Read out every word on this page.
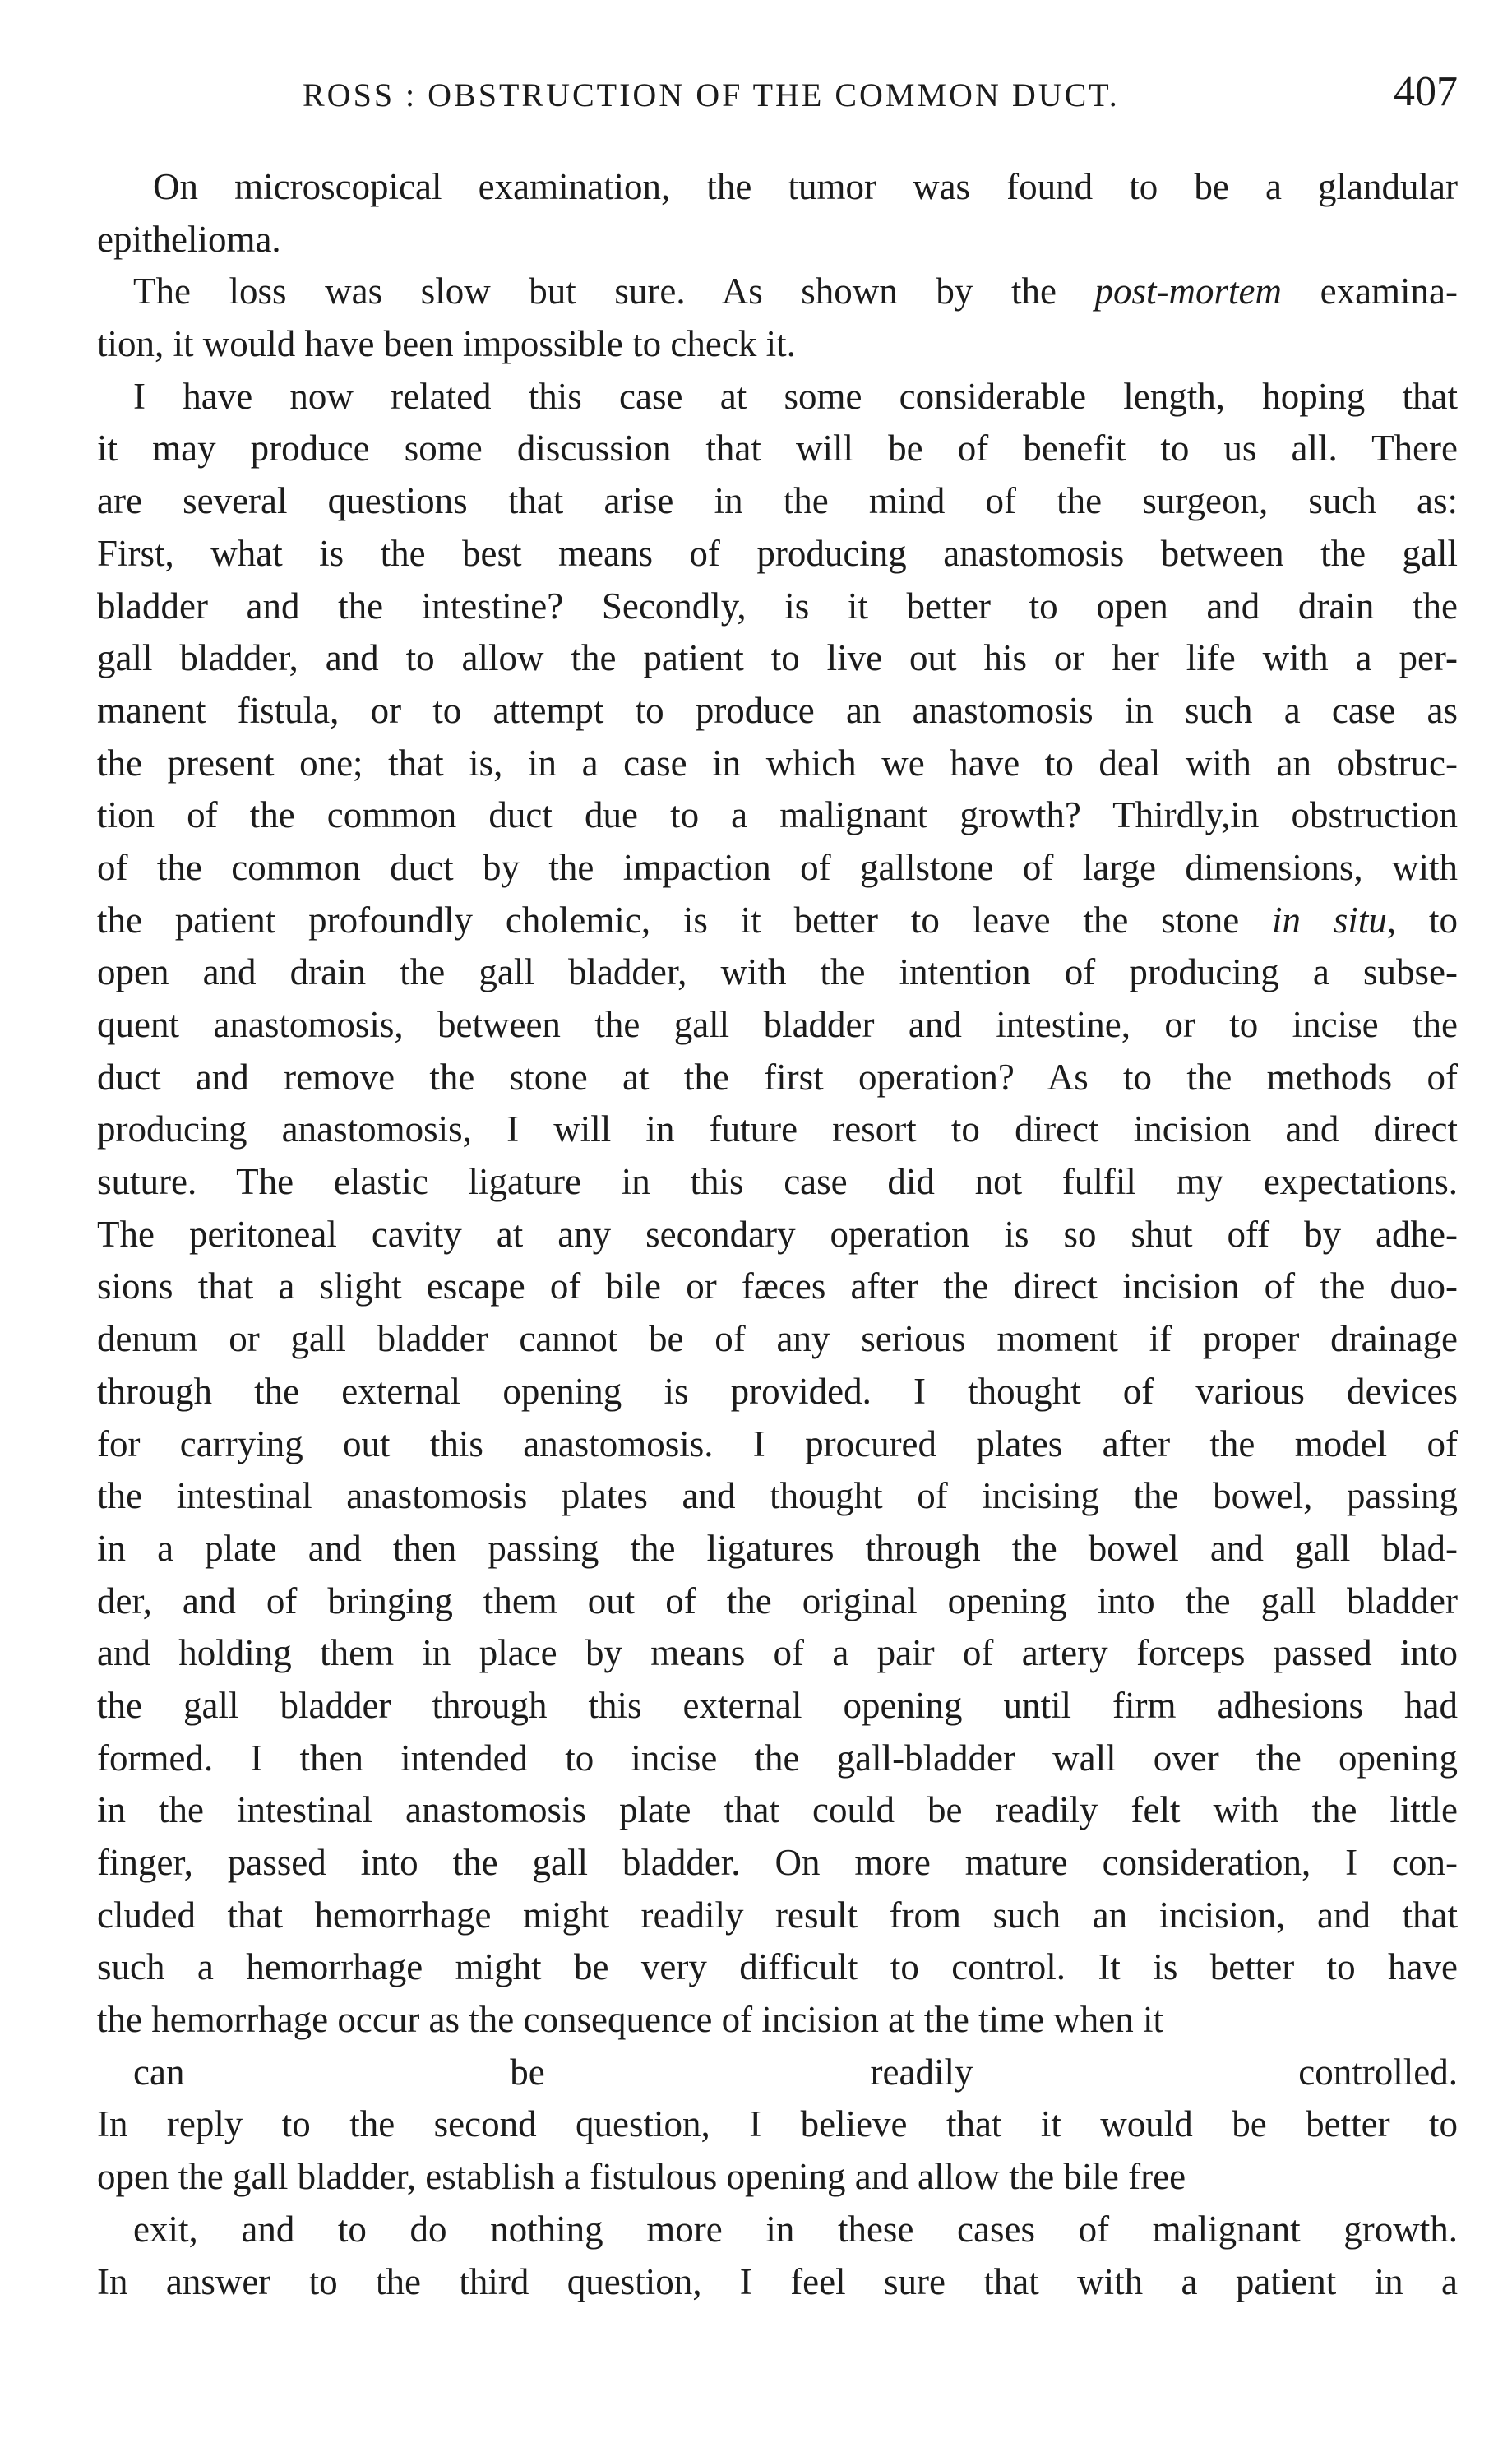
ROSS : OBSTRUCTION OF THE COMMON DUCT.	407
On microscopical examination, the tumor was found to be a glandular
epithelioma.
The loss was slow but sure. As shown by the post-mortem examina-
tion, it would have been impossible to check it.
I have now related this case at some considerable length, hoping that
it may produce some discussion that will be of benefit to us all. There
are several questions that arise in the mind of the surgeon, such as:
First, what is the best means of producing anastomosis between the gall
bladder and the intestine? Secondly, is it better to open and drain the
gall bladder, and to allow the patient to live out his or her life with a per-
manent fistula, or to attempt to produce an anastomosis in such a case as
the present one; that is, in a case in which we have to deal with an obstruc-
tion of the common duct due to a malignant growth? Thirdly,in obstruction
of the common duct by the impaction of gallstone of large dimensions, with
the patient profoundly cholemic, is it better to leave the stone in situ, to
open and drain the gall bladder, with the intention of producing a subse-
quent anastomosis, between the gall bladder and intestine, or to incise the
duct and remove the stone at the first operation? As to the methods of
producing anastomosis, I will in future resort to direct incision and direct
suture. The elastic ligature in this case did not fulfil my expectations.
The peritoneal cavity at any secondary operation is so shut off by adhe-
sions that a slight escape of bile or fæces after the direct incision of the duo-
denum or gall bladder cannot be of any serious moment if proper drainage
through the external opening is provided. I thought of various devices
for carrying out this anastomosis. I procured plates after the model of
the intestinal anastomosis plates and thought of incising the bowel, passing
in a plate and then passing the ligatures through the bowel and gall blad-
der, and of bringing them out of the original opening into the gall bladder
and holding them in place by means of a pair of artery forceps passed into
the gall bladder through this external opening until firm adhesions had
formed. I then intended to incise the gall-bladder wall over the opening
in the intestinal anastomosis plate that could be readily felt with the little
finger, passed into the gall bladder. On more mature consideration, I con-
cluded that hemorrhage might readily result from such an incision, and that
such a hemorrhage might be very difficult to control. It is better to have
the hemorrhage occur as the consequence of incision at the time when it
can be readily controlled.
In reply to the second question, I believe that it would be better to
open the gall bladder, establish a fistulous opening and allow the bile free
exit, and to do nothing more in these cases of malignant growth.
In answer to the third question, I feel sure that with a patient in a
